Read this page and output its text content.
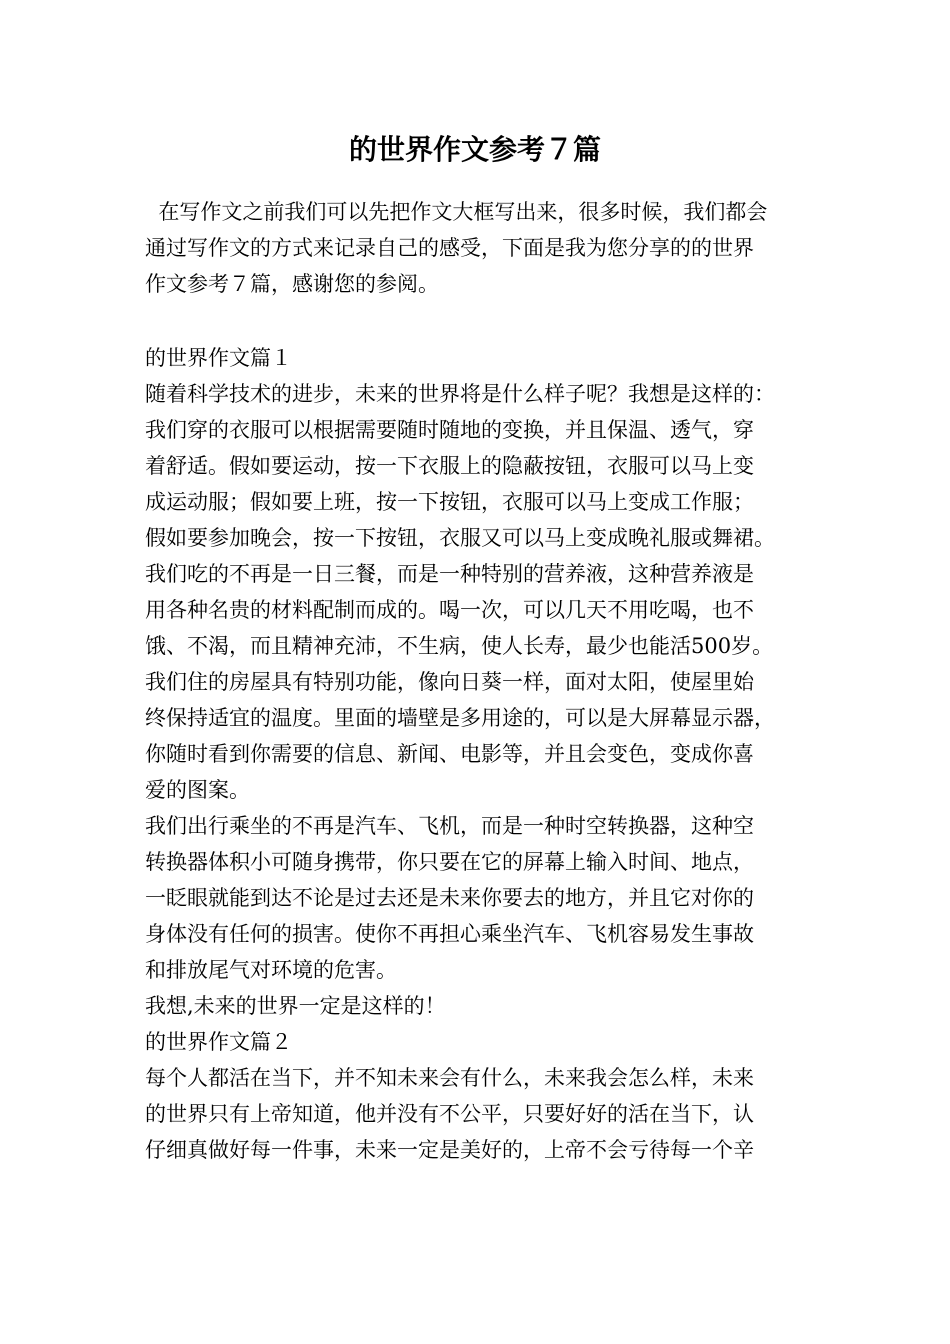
的世界作文参考７篇
在写作文之前我们可以先把作文大框写出来，很多时候，我们都会
通过写作文的方式来记录自己的感受，下面是我为您分享的的世界
作文参考７篇，感谢您的参阅。
的世界作文篇１
随着科学技术的进步，未来的世界将是什么样子呢？我想是这样的：
我们穿的衣服可以根据需要随时随地的变换，并且保温、透气，穿
着舒适。假如要运动，按一下衣服上的隐蔽按钮，衣服可以马上变
成运动服；假如要上班，按一下按钮，衣服可以马上变成工作服；
假如要参加晚会，按一下按钮，衣服又可以马上变成晚礼服或舞裙。
我们吃的不再是一日三餐，而是一种特别的营养液，这种营养液是
用各种名贵的材料配制而成的。喝一次，可以几天不用吃喝，也不
饿、不渴，而且精神充沛，不生病，使人长寿，最少也能活500岁。
我们住的房屋具有特别功能，像向日葵一样，面对太阳，使屋里始
终保持适宜的温度。里面的墙壁是多用途的，可以是大屏幕显示器，
你随时看到你需要的信息、新闻、电影等，并且会变色，变成你喜
爱的图案。
我们出行乘坐的不再是汽车、飞机，而是一种时空转换器，这种空
转换器体积小可随身携带，你只要在它的屏幕上输入时间、地点，
一眨眼就能到达不论是过去还是未来你要去的地方，并且它对你的
身体没有任何的损害。使你不再担心乘坐汽车、飞机容易发生事故
和排放尾气对环境的危害。
我想,未来的世界一定是这样的！
的世界作文篇２
每个人都活在当下，并不知未来会有什么，未来我会怎么样，未来
的世界只有上帝知道，他并没有不公平，只要好好的活在当下，认
仔细真做好每一件事，未来一定是美好的，上帝不会亏待每一个辛
